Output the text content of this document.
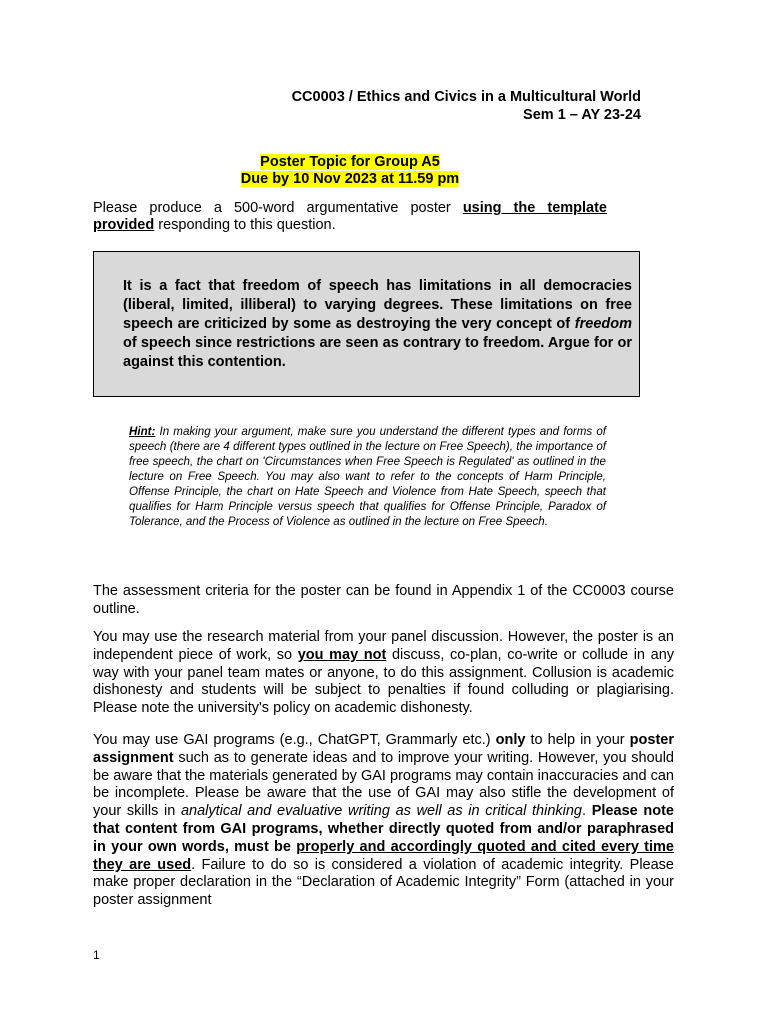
CC0003 / Ethics and Civics in a Multicultural World
Sem 1 – AY 23-24
Poster Topic for Group A5
Due by 10 Nov 2023 at 11.59 pm
Please produce a 500-word argumentative poster using the template provided responding to this question.
It is a fact that freedom of speech has limitations in all democracies (liberal, limited, illiberal) to varying degrees. These limitations on free speech are criticized by some as destroying the very concept of freedom of speech since restrictions are seen as contrary to freedom. Argue for or against this contention.
Hint: In making your argument, make sure you understand the different types and forms of speech (there are 4 different types outlined in the lecture on Free Speech), the importance of free speech, the chart on 'Circumstances when Free Speech is Regulated' as outlined in the lecture on Free Speech. You may also want to refer to the concepts of Harm Principle, Offense Principle, the chart on Hate Speech and Violence from Hate Speech, speech that qualifies for Harm Principle versus speech that qualifies for Offense Principle, Paradox of Tolerance, and the Process of Violence as outlined in the lecture on Free Speech.

The assessment criteria for the poster can be found in Appendix 1 of the CC0003 course outline.

You may use the research material from your panel discussion. However, the poster is an independent piece of work, so you may not discuss, co-plan, co-write or collude in any way with your panel team mates or anyone, to do this assignment. Collusion is academic dishonesty and students will be subject to penalties if found colluding or plagiarising. Please note the university's policy on academic dishonesty.

You may use GAI programs (e.g., ChatGPT, Grammarly etc.) only to help in your poster assignment such as to generate ideas and to improve your writing. However, you should be aware that the materials generated by GAI programs may contain inaccuracies and can be incomplete. Please be aware that the use of GAI may also stifle the development of your skills in analytical and evaluative writing as well as in critical thinking. Please note that content from GAI programs, whether directly quoted from and/or paraphrased in your own words, must be properly and accordingly quoted and cited every time they are used. Failure to do so is considered a violation of academic integrity. Please make proper declaration in the “Declaration of Academic Integrity” Form (attached in your poster assignment

1
